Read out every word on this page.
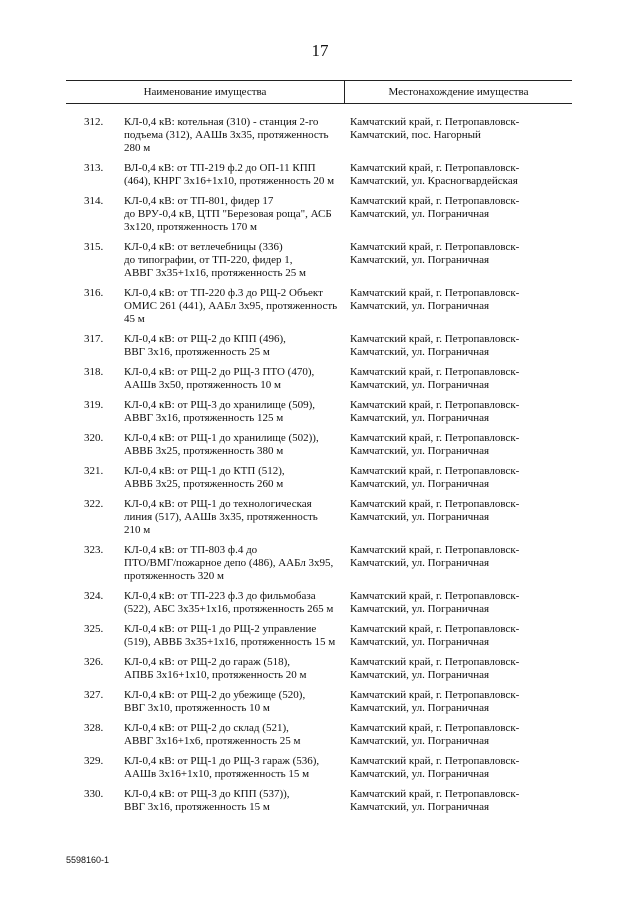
17
Наименование имущества	Местонахождение имущества
312. КЛ-0,4 кВ: котельная (310) - станция 2-го
подъема (312), ААШв 3х35, протяженность
280 м
Камчатский край, г. Петропавловск-
Камчатский, пос. Нагорный
313. ВЛ-0,4 кВ: от ТП-219 ф.2 до ОП-11 КПП
(464), КНРГ 3х16+1х10, протяженность 20 м
Камчатский край, г. Петропавловск-
Камчатский, ул. Красногвардейская
314. КЛ-0,4 кВ: от ТП-801, фидер 17
до ВРУ-0,4 кВ, ЦТП "Березовая роща", АСБ
3х120, протяженность 170 м
Камчатский край, г. Петропавловск-
Камчатский, ул. Пограничная
315. КЛ-0,4 кВ: от ветлечебницы (336)
до типографии, от ТП-220, фидер 1,
АВВГ 3х35+1х16, протяженность 25 м
Камчатский край, г. Петропавловск-
Камчатский, ул. Пограничная
316. КЛ-0,4 кВ: от ТП-220 ф.3 до РЩ-2 Объект
ОМИС 261 (441), ААБл 3х95, протяженность
45 м
Камчатский край, г. Петропавловск-
Камчатский, ул. Пограничная
317. КЛ-0,4 кВ: от РЩ-2 до КПП (496),
ВВГ 3х16, протяженность 25 м
Камчатский край, г. Петропавловск-
Камчатский, ул. Пограничная
318. КЛ-0,4 кВ: от РЩ-2 до РЩ-3 ПТО (470),
ААШв 3х50, протяженность 10 м
Камчатский край, г. Петропавловск-
Камчатский, ул. Пограничная
319. КЛ-0,4 кВ: от РЩ-3 до хранилище (509),
АВВГ 3х16, протяженность 125 м
Камчатский край, г. Петропавловск-
Камчатский, ул. Пограничная
320. КЛ-0,4 кВ: от РЩ-1 до хранилище (502)),
АВВБ 3х25, протяженность 380 м
Камчатский край, г. Петропавловск-
Камчатский, ул. Пограничная
321. КЛ-0,4 кВ: от РЩ-1 до КТП (512),
АВВБ 3х25, протяженность 260 м
Камчатский край, г. Петропавловск-
Камчатский, ул. Пограничная
322. КЛ-0,4 кВ: от РЩ-1 до технологическая
линия (517), ААШв 3х35, протяженность
210 м
Камчатский край, г. Петропавловск-
Камчатский, ул. Пограничная
323. КЛ-0,4 кВ: от ТП-803 ф.4 до
ПТО/ВМГ/пожарное депо (486), ААБл 3х95,
протяженность 320 м
Камчатский край, г. Петропавловск-
Камчатский, ул. Пограничная
324. КЛ-0,4 кВ: от ТП-223 ф.3 до фильмобаза
(522), АБС 3х35+1х16, протяженность 265 м
Камчатский край, г. Петропавловск-
Камчатский, ул. Пограничная
325. КЛ-0,4 кВ: от РЩ-1 до РЩ-2 управление
(519), АВВБ 3х35+1х16, протяженность 15 м
Камчатский край, г. Петропавловск-
Камчатский, ул. Пограничная
326. КЛ-0,4 кВ: от РЩ-2 до гараж (518),
АПВБ 3х16+1х10, протяженность 20 м
Камчатский край, г. Петропавловск-
Камчатский, ул. Пограничная
327. КЛ-0,4 кВ: от РЩ-2 до убежище (520),
ВВГ 3х10, протяженность 10 м
Камчатский край, г. Петропавловск-
Камчатский, ул. Пограничная
328. КЛ-0,4 кВ: от РЩ-2 до склад (521),
АВВГ 3х16+1х6, протяженность 25 м
Камчатский край, г. Петропавловск-
Камчатский, ул. Пограничная
329. КЛ-0,4 кВ: от РЩ-1 до РЩ-3 гараж (536),
ААШв 3х16+1х10, протяженность 15 м
Камчатский край, г. Петропавловск-
Камчатский, ул. Пограничная
330. КЛ-0,4 кВ: от РЩ-3 до КПП (537)),
ВВГ 3х16, протяженность 15 м
Камчатский край, г. Петропавловск-
Камчатский, ул. Пограничная
5598160-1
